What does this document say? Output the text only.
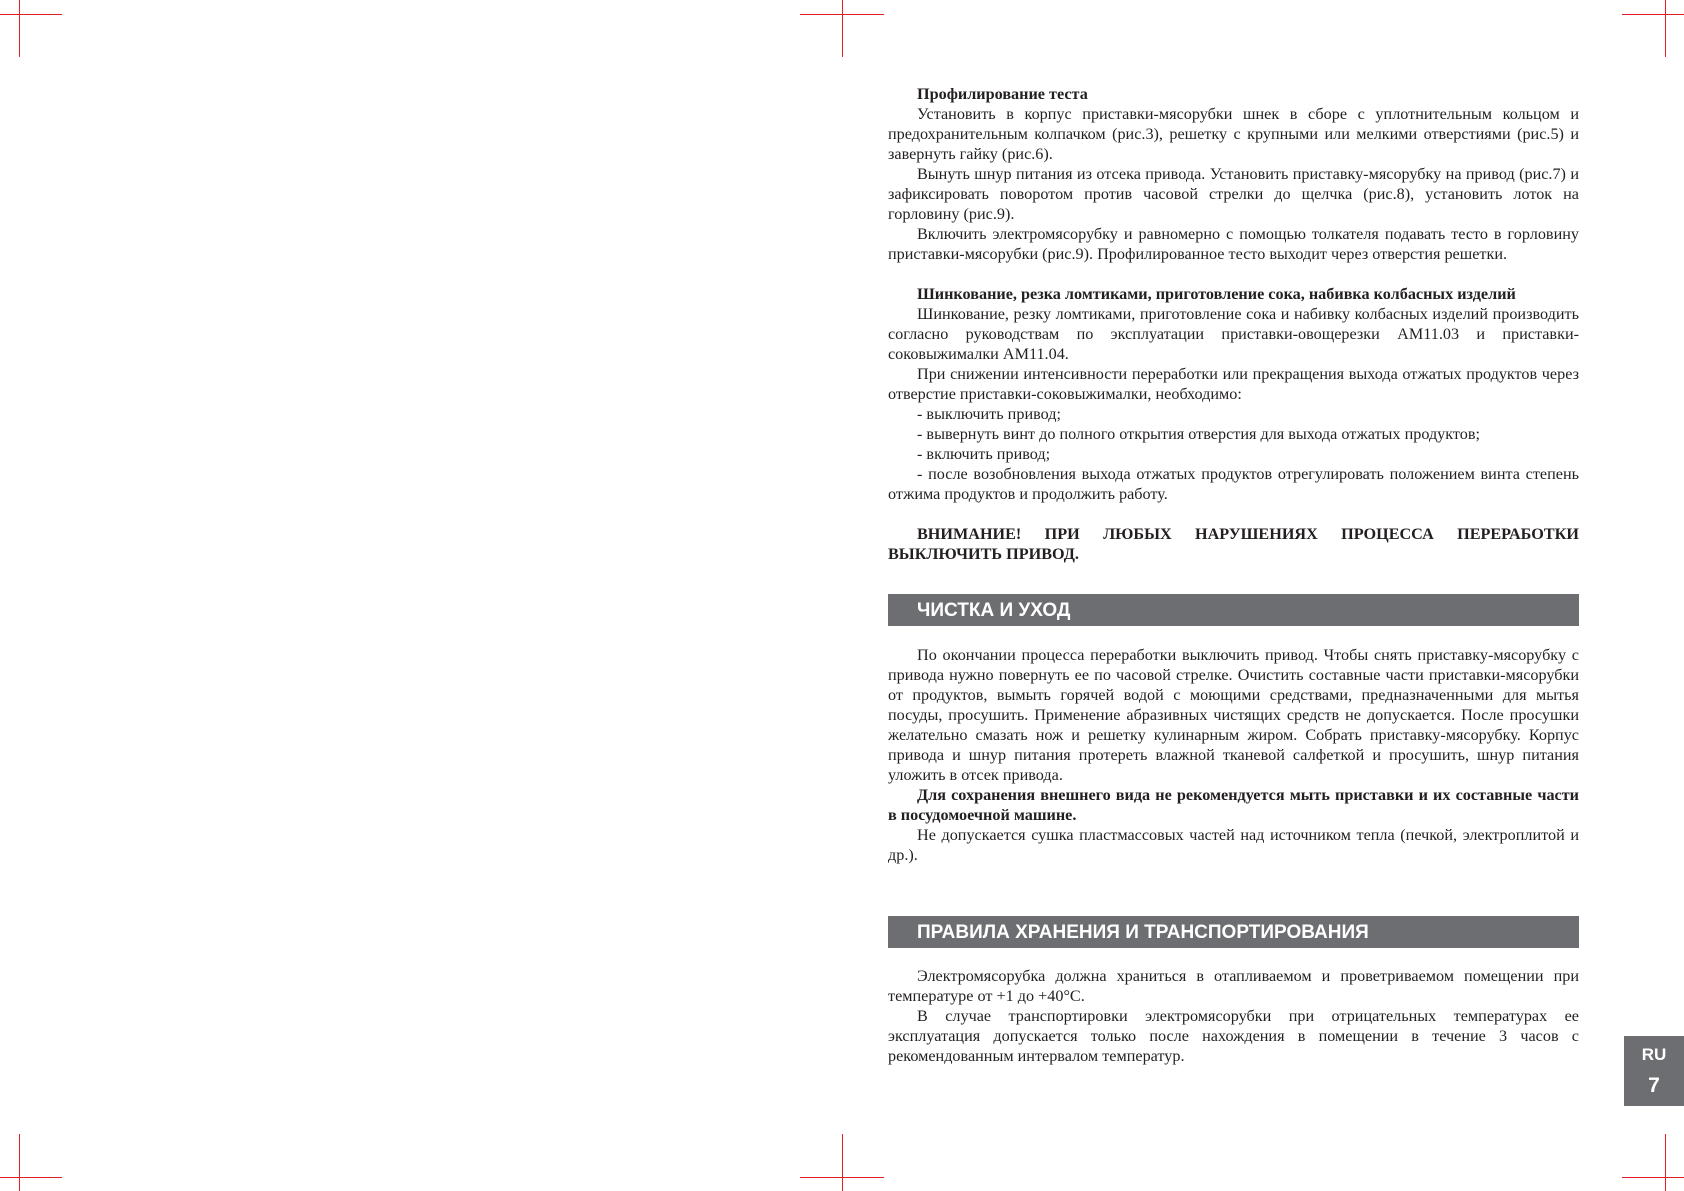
Профилирование теста

Установить в корпус приставки-мясорубки шнек в сборе с уплотнительным кольцом и предохранительным колпачком (рис.3), решетку с крупными или мелкими отверстиями (рис.5) и завернуть гайку (рис.6).

Вынуть шнур питания из отсека привода. Установить приставку-мясорубку на привод (рис.7) и зафиксировать поворотом против часовой стрелки до щелчка (рис.8), установить лоток на горловину (рис.9).

Включить электромясорубку и равномерно с помощью толкателя подавать тесто в горловину приставки-мясорубки (рис.9). Профилированное тесто выходит через отверстия решетки.

Шинкование, резка ломтиками, приготовление сока, набивка колбасных изделий

Шинкование, резку ломтиками, приготовление сока и набивку колбасных изделий производить согласно руководствам по эксплуатации приставки-овощерезки АМ11.03 и приставки-соковыжималки АМ11.04.

При снижении интенсивности переработки или прекращения выхода отжатых продуктов через отверстие приставки-соковыжималки, необходимо:

- выключить привод;

- вывернуть винт до полного открытия отверстия для выхода отжатых продуктов;

- включить привод;

- после возобновления выхода отжатых продуктов отрегулировать положением винта степень отжима продуктов и продолжить работу.

ВНИМАНИЕ! ПРИ ЛЮБЫХ НАРУШЕНИЯХ ПРОЦЕССА ПЕРЕРАБОТКИ ВЫКЛЮЧИТЬ ПРИВОД.

ЧИСТКА И УХОД

По окончании процесса переработки выключить привод. Чтобы снять приставку-мясорубку с привода нужно повернуть ее по часовой стрелке. Очистить составные части приставки-мясорубки от продуктов, вымыть горячей водой с моющими средствами, предназначенными для мытья посуды, просушить. Применение абразивных чистящих средств не допускается. После просушки желательно смазать нож и решетку кулинарным жиром. Собрать приставку-мясорубку. Корпус привода и шнур питания протереть влажной тканевой салфеткой и просушить, шнур питания уложить в отсек привода.

Для сохранения внешнего вида не рекомендуется мыть приставки и их составные части в посудомоечной машине.

Не допускается сушка пластмассовых частей над источником тепла (печкой, электроплитой и др.).

ПРАВИЛА ХРАНЕНИЯ И ТРАНСПОРТИРОВАНИЯ

Электромясорубка должна храниться в отапливаемом и проветриваемом помещении при температуре от +1 до +40°С.

В случае транспортировки электромясорубки при отрицательных температурах ее эксплуатация допускается только после нахождения в помещении в течение 3 часов с рекомендованным интервалом температур.	RU
7
